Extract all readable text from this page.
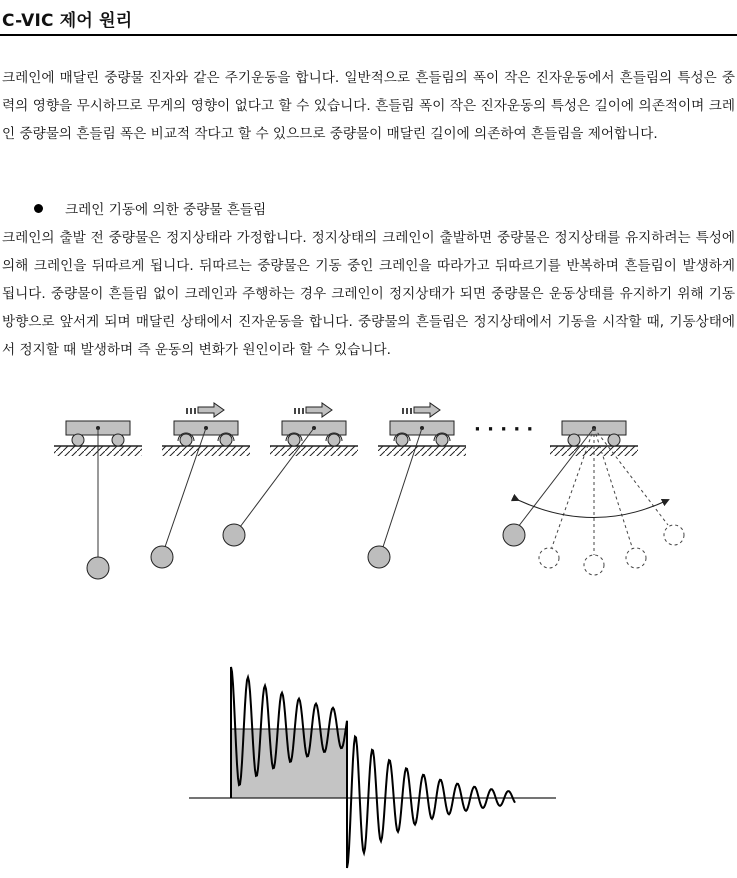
C-VIC 제어 원리
크레인에 매달린 중량물 진자와 같은 주기운동을 합니다. 일반적으로 흔들림의 폭이 작은 진자운동에서 흔들림의 특성은 중력의 영향을 무시하므로 무게의 영향이 없다고 할 수 있습니다. 흔들림 폭이 작은 진자운동의 특성은 길이에 의존적이며 크레인 중량물의 흔들림 폭은 비교적 작다고 할 수 있으므로 중량물이 매달린 길이에 의존하여 흔들림을 제어합니다.
크레인 기동에 의한 중량물 흔들림
크레인의 출발 전 중량물은 정지상태라 가정합니다. 정지상태의 크레인이 출발하면 중량물은 정지상태를 유지하려는 특성에 의해 크레인을 뒤따르게 됩니다. 뒤따르는 중량물은 기동 중인 크레인을 따라가고 뒤따르기를 반복하며 흔들림이 발생하게 됩니다. 중량물이 흔들림 없이 크레인과 주행하는 경우 크레인이 정지상태가 되면 중량물은 운동상태를 유지하기 위해 기동방향으로 앞서게 되며 매달린 상태에서 진자운동을 합니다. 중량물의 흔들림은 정지상태에서 기동을 시작할 때, 기동상태에서 정지할 때 발생하며 즉 운동의 변화가 원인이라 할 수 있습니다.
· · · · ·
